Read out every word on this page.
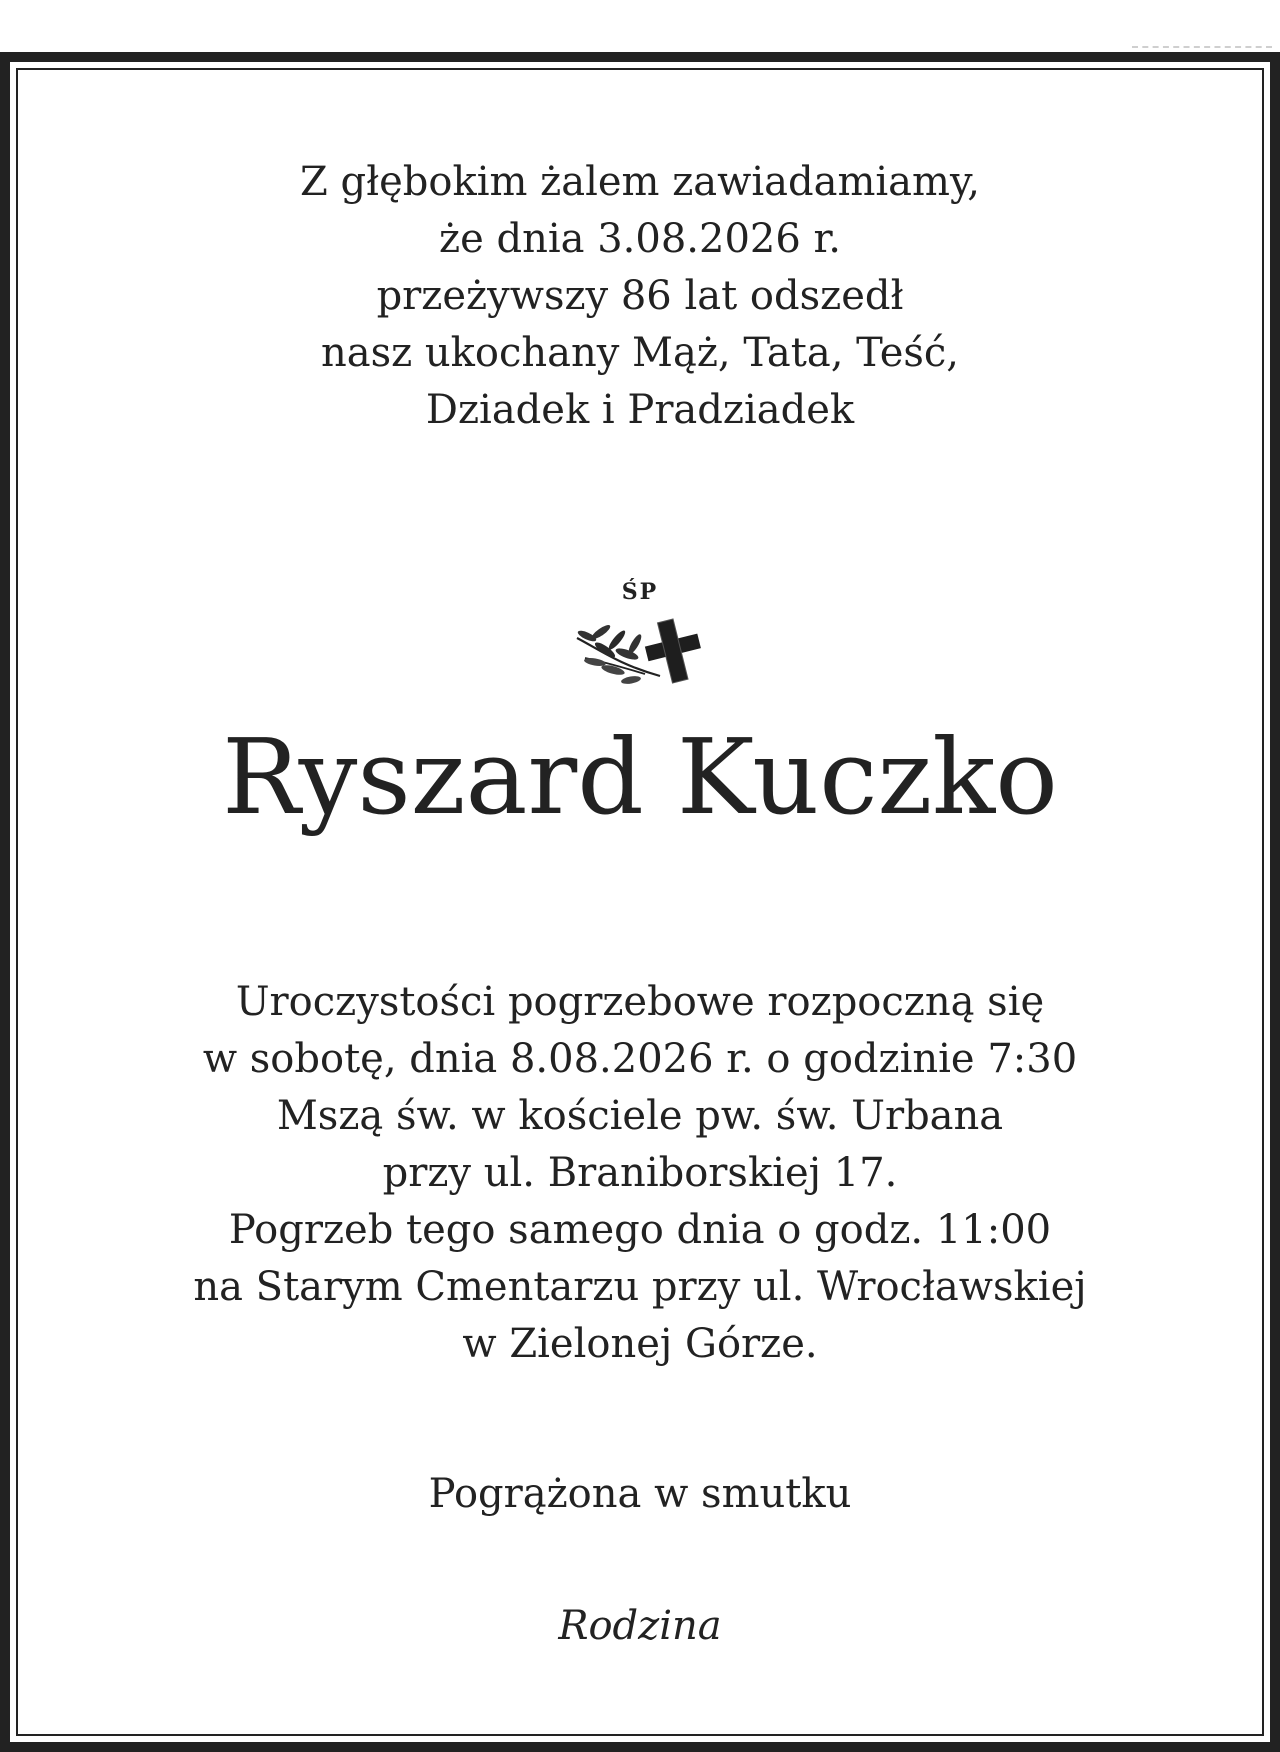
Z głębokim żalem zawiadamiamy,
że dnia 3.08.2026 r.
przeżywszy 86 lat odszedł
nasz ukochany Mąż, Tata, Teść,
Dziadek i Pradziadek
ŚP
Ryszard Kuczko
Uroczystości pogrzebowe rozpoczną się
w sobotę, dnia 8.08.2026 r. o godzinie 7:30
Mszą św. w kościele pw. św. Urbana
przy ul. Braniborskiej 17.
Pogrzeb tego samego dnia o godz. 11:00
na Starym Cmentarzu przy ul. Wrocławskiej
w Zielonej Górze.
Pogrążona w smutku
Rodzina
